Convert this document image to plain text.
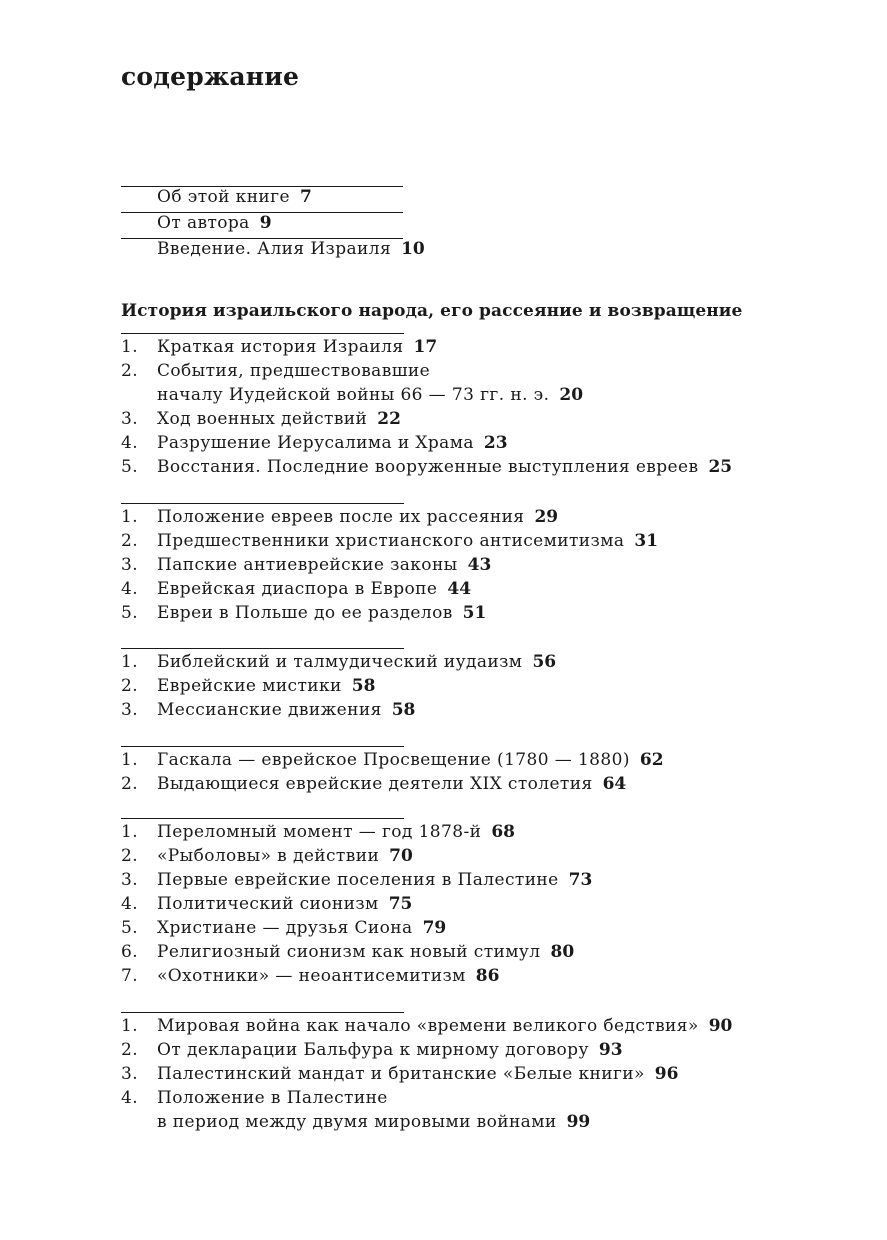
содержание
Об этой книге 7
От автора 9
Введение. Алия Израиля 10
История израильского народа, его рассеяние и возвращение
1. Краткая история Израиля 17
2. События, предшествовавшие
началу Иудейской войны 66 — 73 гг. н. э. 20
3. Ход военных действий 22
4. Разрушение Иерусалима и Храма 23
5. Восстания. Последние вооруженные выступления евреев 25
1. Положение евреев после их рассеяния 29
2. Предшественники христианского антисемитизма 31
3. Папские антиеврейские законы 43
4. Еврейская диаспора в Европе 44
5. Евреи в Польше до ее разделов 51
1. Библейский и талмудический иудаизм 56
2. Еврейские мистики 58
3. Мессианские движения 58
1. Гаскала — еврейское Просвещение (1780 — 1880) 62
2. Выдающиеся еврейские деятели XIX столетия 64
1. Переломный момент — год 1878-й 68
2. «Рыболовы» в действии 70
3. Первые еврейские поселения в Палестине 73
4. Политический сионизм 75
5. Христиане — друзья Сиона 79
6. Религиозный сионизм как новый стимул 80
7. «Охотники» — неоантисемитизм 86
1. Мировая война как начало «времени великого бедствия» 90
2. От декларации Бальфура к мирному договору 93
3. Палестинский мандат и британские «Белые книги» 96
4. Положение в Палестине
в период между двумя мировыми войнами 99
